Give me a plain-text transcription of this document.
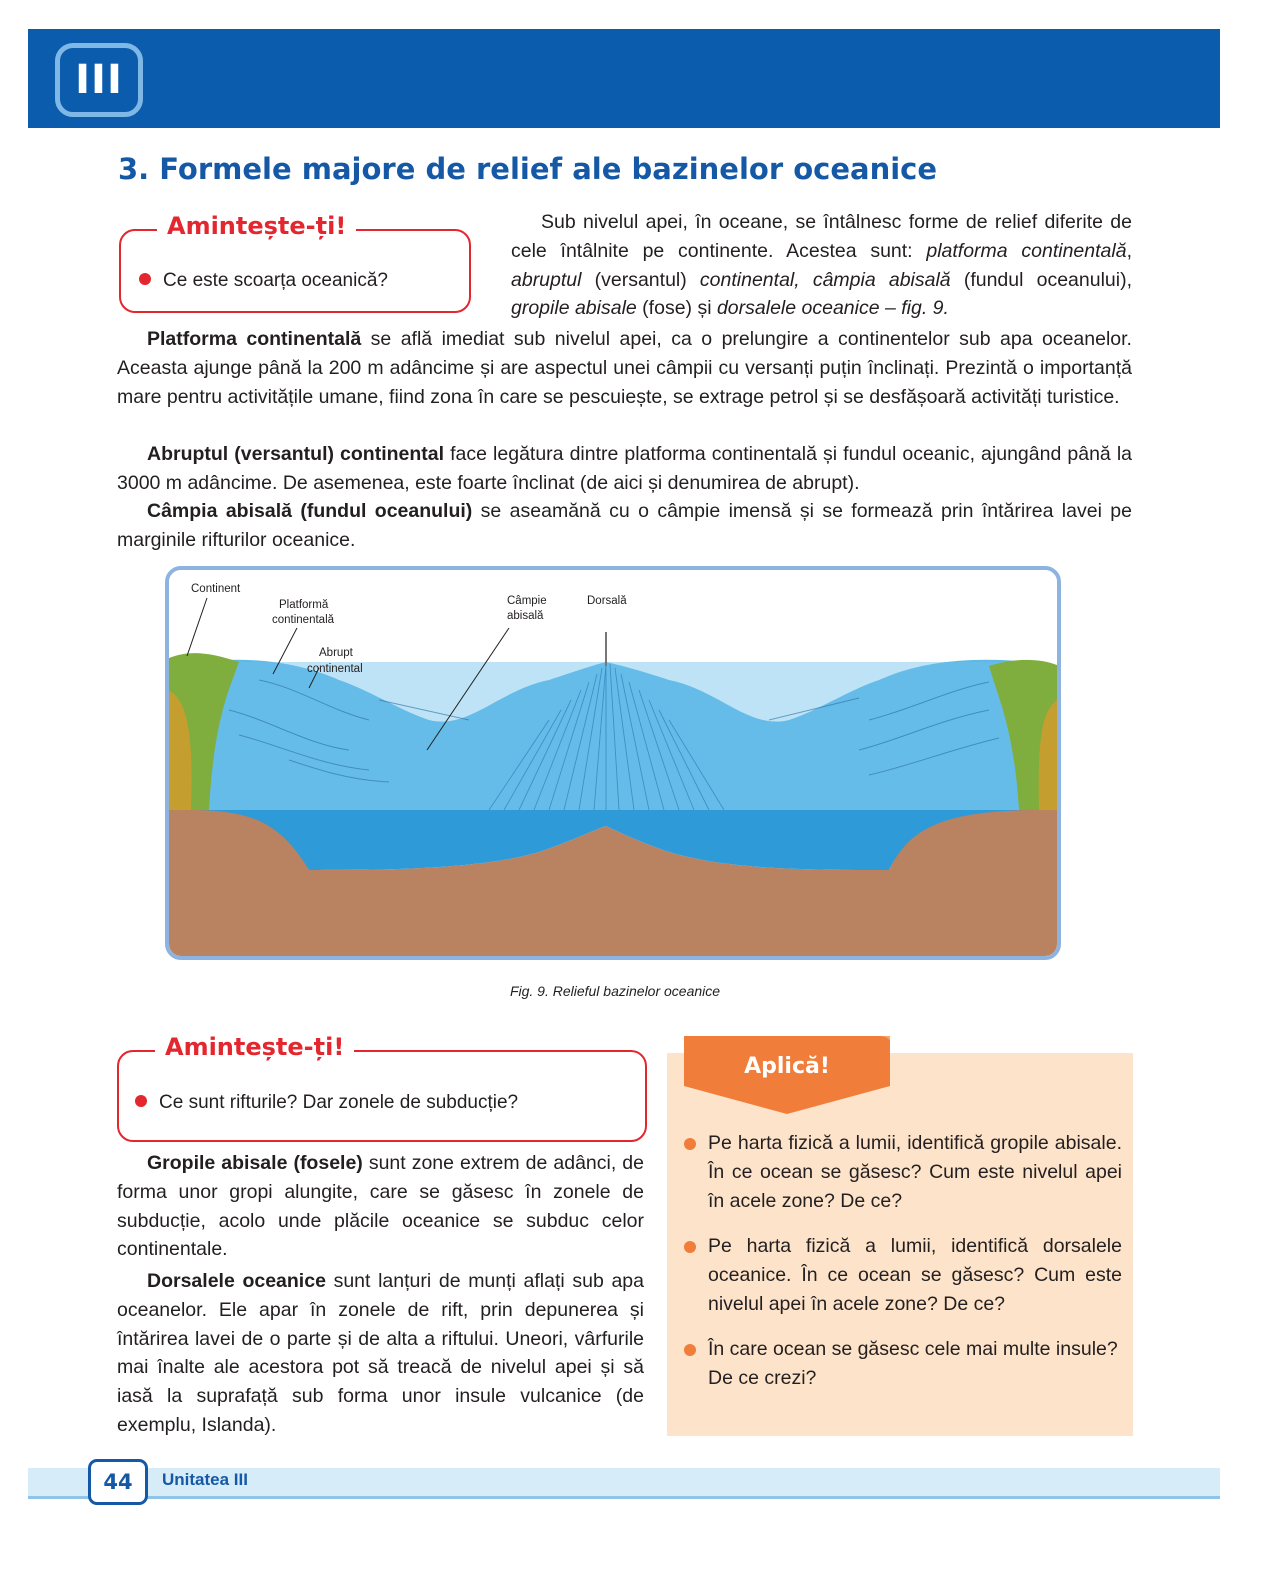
III
3. Formele majore de relief ale bazinelor oceanice
Amintește-ți!
Ce este scoarța oceanică?

Sub nivelul apei, în oceane, se întâlnesc forme de relief diferite de cele întâlnite pe continente. Acestea sunt: platforma continentală, abruptul (versantul) continental, câmpia abisală (fundul oceanului), gropile abisale (fose) și dorsalele oceanice – fig. 9.

Platforma continentală se află imediat sub nivelul apei, ca o prelungire a continentelor sub apa oceanelor. Aceasta ajunge până la 200 m adâncime și are aspectul unei câmpii cu versanți puțin înclinați. Prezintă o importanță mare pentru activitățile umane, fiind zona în care se pescuiește, se extrage petrol și se desfășoară activități turistice.

Abruptul (versantul) continental face legătura dintre platforma continentală și fundul oceanic, ajungând până la 3000 m adâncime. De asemenea, este foarte înclinat (de aici și denumirea de abrupt).

Câmpia abisală (fundul oceanului) se aseamănă cu o câmpie imensă și se formează prin întărirea lavei pe marginile rifturilor oceanice.

Continent
Platformă
continentală
Abrupt
continental
Câmpie
abisală
Dorsală
Fig. 9. Relieful bazinelor oceanice
Amintește-ți!
Ce sunt rifturile? Dar zonele de subducție?

Gropile abisale (fosele) sunt zone extrem de adânci, de forma unor gropi alungite, care se găsesc în zonele de subducție, acolo unde plăcile oceanice se subduc celor continentale.

Dorsalele oceanice sunt lanțuri de munți aflați sub apa oceanelor. Ele apar în zonele de rift, prin depunerea și întărirea lavei de o parte și de alta a riftului. Uneori, vârfurile mai înalte ale acestora pot să treacă de nivelul apei și să iasă la suprafață sub forma unor insule vulcanice (de exemplu, Islanda).

Aplică!
Pe harta fizică a lumii, identifică gropile abisale. În ce ocean se găsesc? Cum este nivelul apei în acele zone? De ce?
Pe harta fizică a lumii, identifică dorsalele oceanice. În ce ocean se găsesc? Cum este nivelul apei în acele zone? De ce?
În care ocean se găsesc cele mai multe insule? De ce crezi?
44	Unitatea III
